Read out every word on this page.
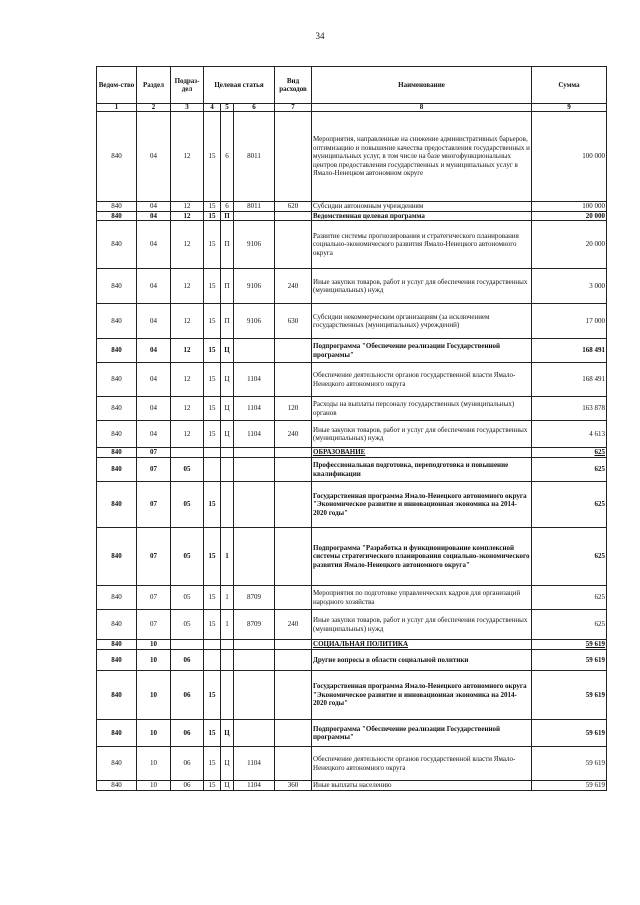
34
Ведом-ство	Раздел	Подраз-дел	Целевая статья			Вид расходов	Наименование	Сумма
1	2	3	4	5	6	7	8	9
840	04	12	15	6	8011		Мероприятия, направленные на снижение административных барьеров, оптимизацию и повышение качества предоставления государственных и муниципальных услуг, в том числе на базе многофункциональных центров предоставления государственных и муниципальных услуг в Ямало-Ненецком автономном округе	100 000
840	04	12	15	6	8011	620	Субсидии автономным учреждениям	100 000
840	04	12	15	П			Ведомственная целевая программа	20 000
840	04	12	15	П	9106		Развитие системы прогнозирования и стратегического планирования социально-экономического развития Ямало-Ненецкого автономного округа	20 000
840	04	12	15	П	9106	240	Иные закупки товаров, работ и услуг для обеспечения государственных (муниципальных) нужд	3 000
840	04	12	15	П	9106	630	Субсидии некоммерческим организациям (за исключением государственных (муниципальных) учреждений)	17 000
840	04	12	15	Ц			Подпрограмма "Обеспечение реализации Государственной программы"	168 491
840	04	12	15	Ц	1104		Обеспечение деятельности органов государственной власти Ямало-Ненецкого автономного округа	168 491
840	04	12	15	Ц	1104	120	Расходы на выплаты персоналу государственных (муниципальных) органов	163 878
840	04	12	15	Ц	1104	240	Иные закупки товаров, работ и услуг для обеспечения государственных (муниципальных) нужд	4 613
840	07						ОБРАЗОВАНИЕ	625
840	07	05					Профессиональная подготовка, переподготовка и повышение квалификации	625
840	07	05	15				Государственная программа Ямало-Ненецкого автономного округа "Экономическое развитие и инновационная экономика на 2014-2020 годы"	625
840	07	05	15	1			Подпрограмма "Разработка и функционирование комплексной системы стратегического планирования социально-экономического развития Ямало-Ненецкого автономного округа"	625
840	07	05	15	1	8709		Мероприятия по подготовке управленческих кадров для организаций народного хозяйства	625
840	07	05	15	1	8709	240	Иные закупки товаров, работ и услуг для обеспечения государственных (муниципальных) нужд	625
840	10						СОЦИАЛЬНАЯ ПОЛИТИКА	59 619
840	10	06					Другие вопросы в области социальной политики	59 619
840	10	06	15				Государственная программа Ямало-Ненецкого автономного округа "Экономическое развитие и инновационная экономика на 2014-2020 годы"	59 619
840	10	06	15	Ц			Подпрограмма "Обеспечение реализации Государственной программы"	59 619
840	10	06	15	Ц	1104		Обеспечение деятельности органов государственной власти Ямало-Ненецкого автономного округа	59 619
840	10	06	15	Ц	1104	360	Иные выплаты населению	59 619
